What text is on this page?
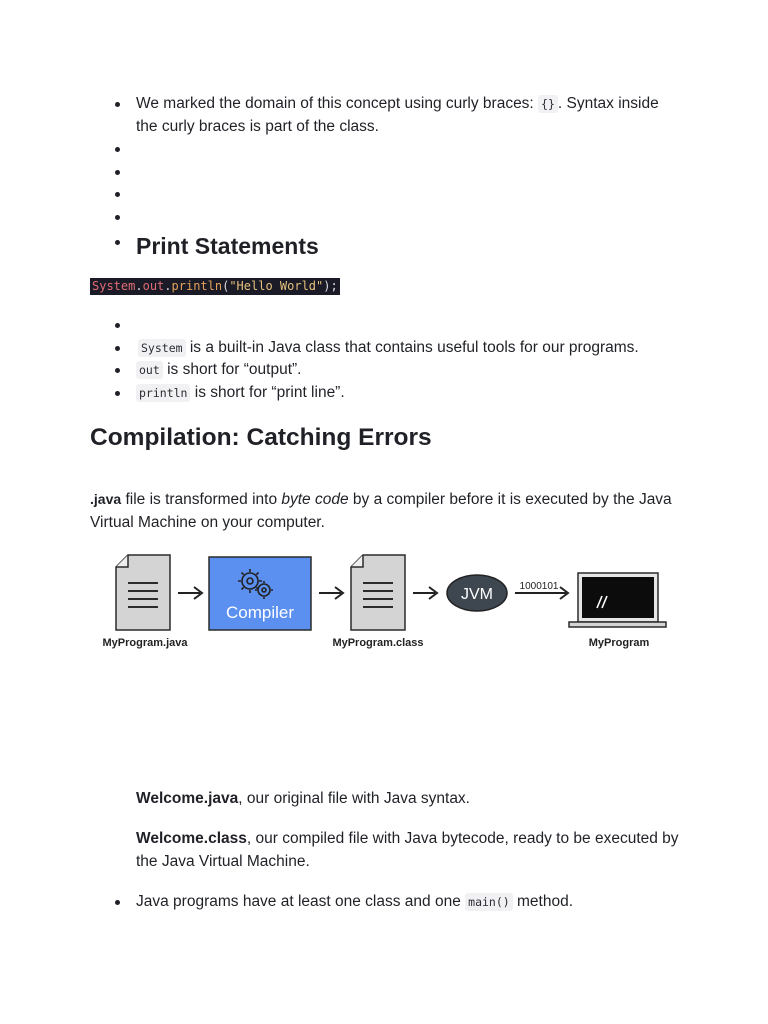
We marked the domain of this concept using curly braces: {} . Syntax inside the curly braces is part of the class.

Print Statements
System.out.println("Hello World");

System is a built-in Java class that contains useful tools for our programs.
out is short for “output”.
println is short for “print line”.
Compilation: Catching Errors

.java file is transformed into byte code by a compiler before it is executed by the Java Virtual Machine on your computer.

MyProgram.java
Compiler
MyProgram.class
JVM	1000101
MyProgram

Welcome.java, our original file with Java syntax.

Welcome.class, our compiled file with Java bytecode, ready to be executed by the Java Virtual Machine.

Java programs have at least one class and one main() method.
